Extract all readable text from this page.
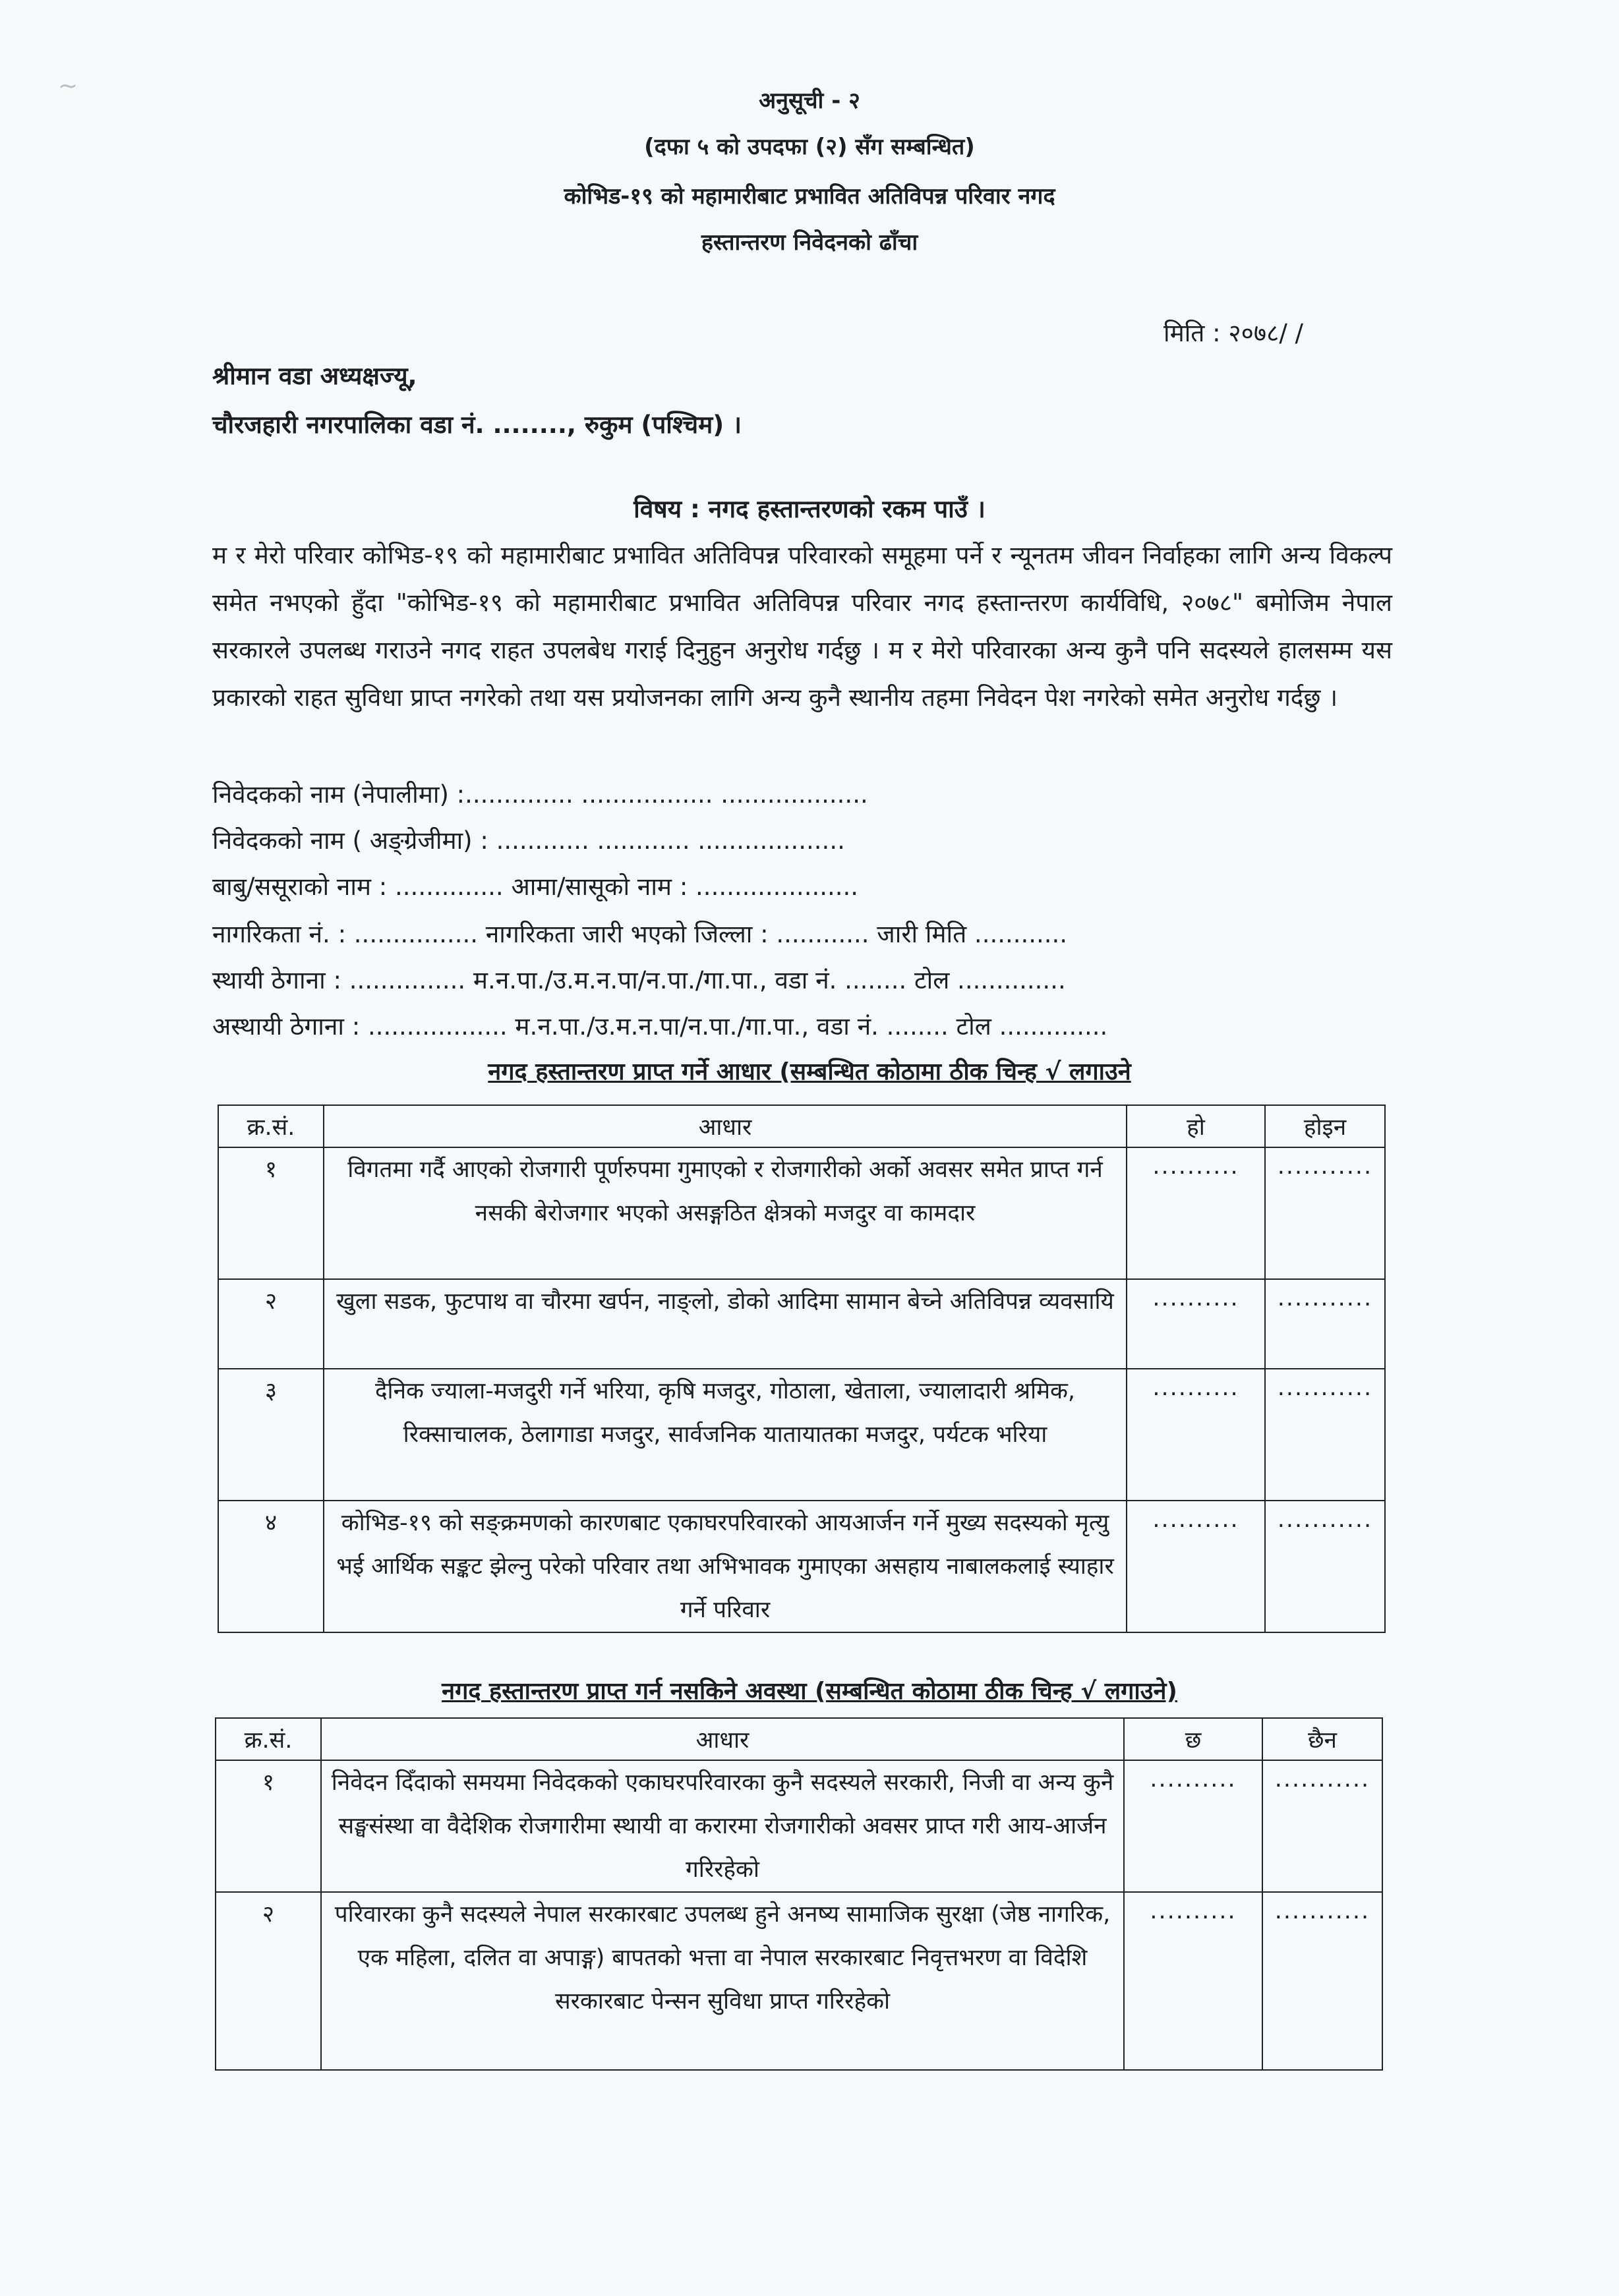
~
अनुसूची - २
(दफा ५ को उपदफा (२) सँग सम्बन्धित)
कोभिड-१९ को महामारीबाट प्रभावित अतिविपन्न परिवार नगद
हस्तान्तरण निवेदनको ढाँचा
मिति : २०७८/ /
श्रीमान वडा अध्यक्षज्यू,
चौरजहारी नगरपालिका वडा नं. ........, रुकुम (पश्चिम) ।
विषय : नगद हस्तान्तरणको रकम पाउँ ।
म र मेरो परिवार कोभिड-१९ को महामारीबाट प्रभावित अतिविपन्न परिवारको समूहमा पर्ने र न्यूनतम जीवन निर्वाहका लागि अन्य विकल्प समेत नभएको हुँदा "कोभिड-१९ को महामारीबाट प्रभावित अतिविपन्न परिवार नगद हस्तान्तरण कार्यविधि, २०७८" बमोजिम नेपाल सरकारले उपलब्ध गराउने नगद राहत उपलबेध गराई दिनुहुन अनुरोध गर्दछु । म र मेरो परिवारका अन्य कुनै पनि सदस्यले हालसम्म यस प्रकारको राहत सुविधा प्राप्त नगरेको तथा यस प्रयोजनका लागि अन्य कुनै स्थानीय तहमा निवेदन पेश नगरेको समेत अनुरोध गर्दछु ।
निवेदकको नाम (नेपालीमा) :.............. ................. ...................
निवेदकको नाम ( अङ्ग्रेजीमा) : ............ ............ ...................
बाबु/ससूराको नाम : .............. आमा/सासूको नाम : .....................
नागरिकता नं. : ................ नागरिकता जारी भएको जिल्ला : ............ जारी मिति ............
स्थायी ठेगाना : ............... म.न.पा./उ.म.न.पा/न.पा./गा.पा., वडा नं. ........ टोल ..............
अस्थायी ठेगाना : .................. म.न.पा./उ.म.न.पा/न.पा./गा.पा., वडा नं. ........ टोल ..............
नगद हस्तान्तरण प्राप्त गर्ने आधार (सम्बन्धित कोठामा ठीक चिन्ह √ लगाउने
क्र.सं.	आधार	हो	होइन
१	विगतमा गर्दै आएको रोजगारी पूर्णरुपमा गुमाएको र रोजगारीको अर्को अवसर समेत प्राप्त गर्न नसकी बेरोजगार भएको असङ्गठित क्षेत्रको मजदुर वा कामदार	..........	...........
२	खुला सडक, फुटपाथ वा चौरमा खर्पन, नाङ्लो, डोको आदिमा सामान बेच्ने अतिविपन्न व्यवसायि	..........	...........
३	दैनिक ज्याला-मजदुरी गर्ने भरिया, कृषि मजदुर, गोठाला, खेताला, ज्यालादारी श्रमिक, रिक्साचालक, ठेलागाडा मजदुर, सार्वजनिक यातायातका मजदुर, पर्यटक भरिया	..........	...........
४	कोभिड-१९ को सङ्क्रमणको कारणबाट एकाघरपरिवारको आयआर्जन गर्ने मुख्य सदस्यको मृत्यु भई आर्थिक सङ्कट झेल्नु परेको परिवार तथा अभिभावक गुमाएका असहाय नाबालकलाई स्याहार गर्ने परिवार	..........	...........
नगद हस्तान्तरण प्राप्त गर्न नसकिने अवस्था (सम्बन्धित कोठामा ठीक चिन्ह √ लगाउने)
क्र.सं.	आधार	छ	छैन
१	निवेदन दिँदाको समयमा निवेदकको एकाघरपरिवारका कुनै सदस्यले सरकारी, निजी वा अन्य कुनै सङ्घसंस्था वा वैदेशिक रोजगारीमा स्थायी वा करारमा रोजगारीको अवसर प्राप्त गरी आय-आर्जन गरिरहेको	..........	...........
२	परिवारका कुनै सदस्यले नेपाल सरकारबाट उपलब्ध हुने अनष्य सामाजिक सुरक्षा (जेष्ठ नागरिक, एक महिला, दलित वा अपाङ्ग) बापतको भत्ता वा नेपाल सरकारबाट निवृत्तभरण वा विदेशि सरकारबाट पेन्सन सुविधा प्राप्त गरिरहेको	..........	...........
